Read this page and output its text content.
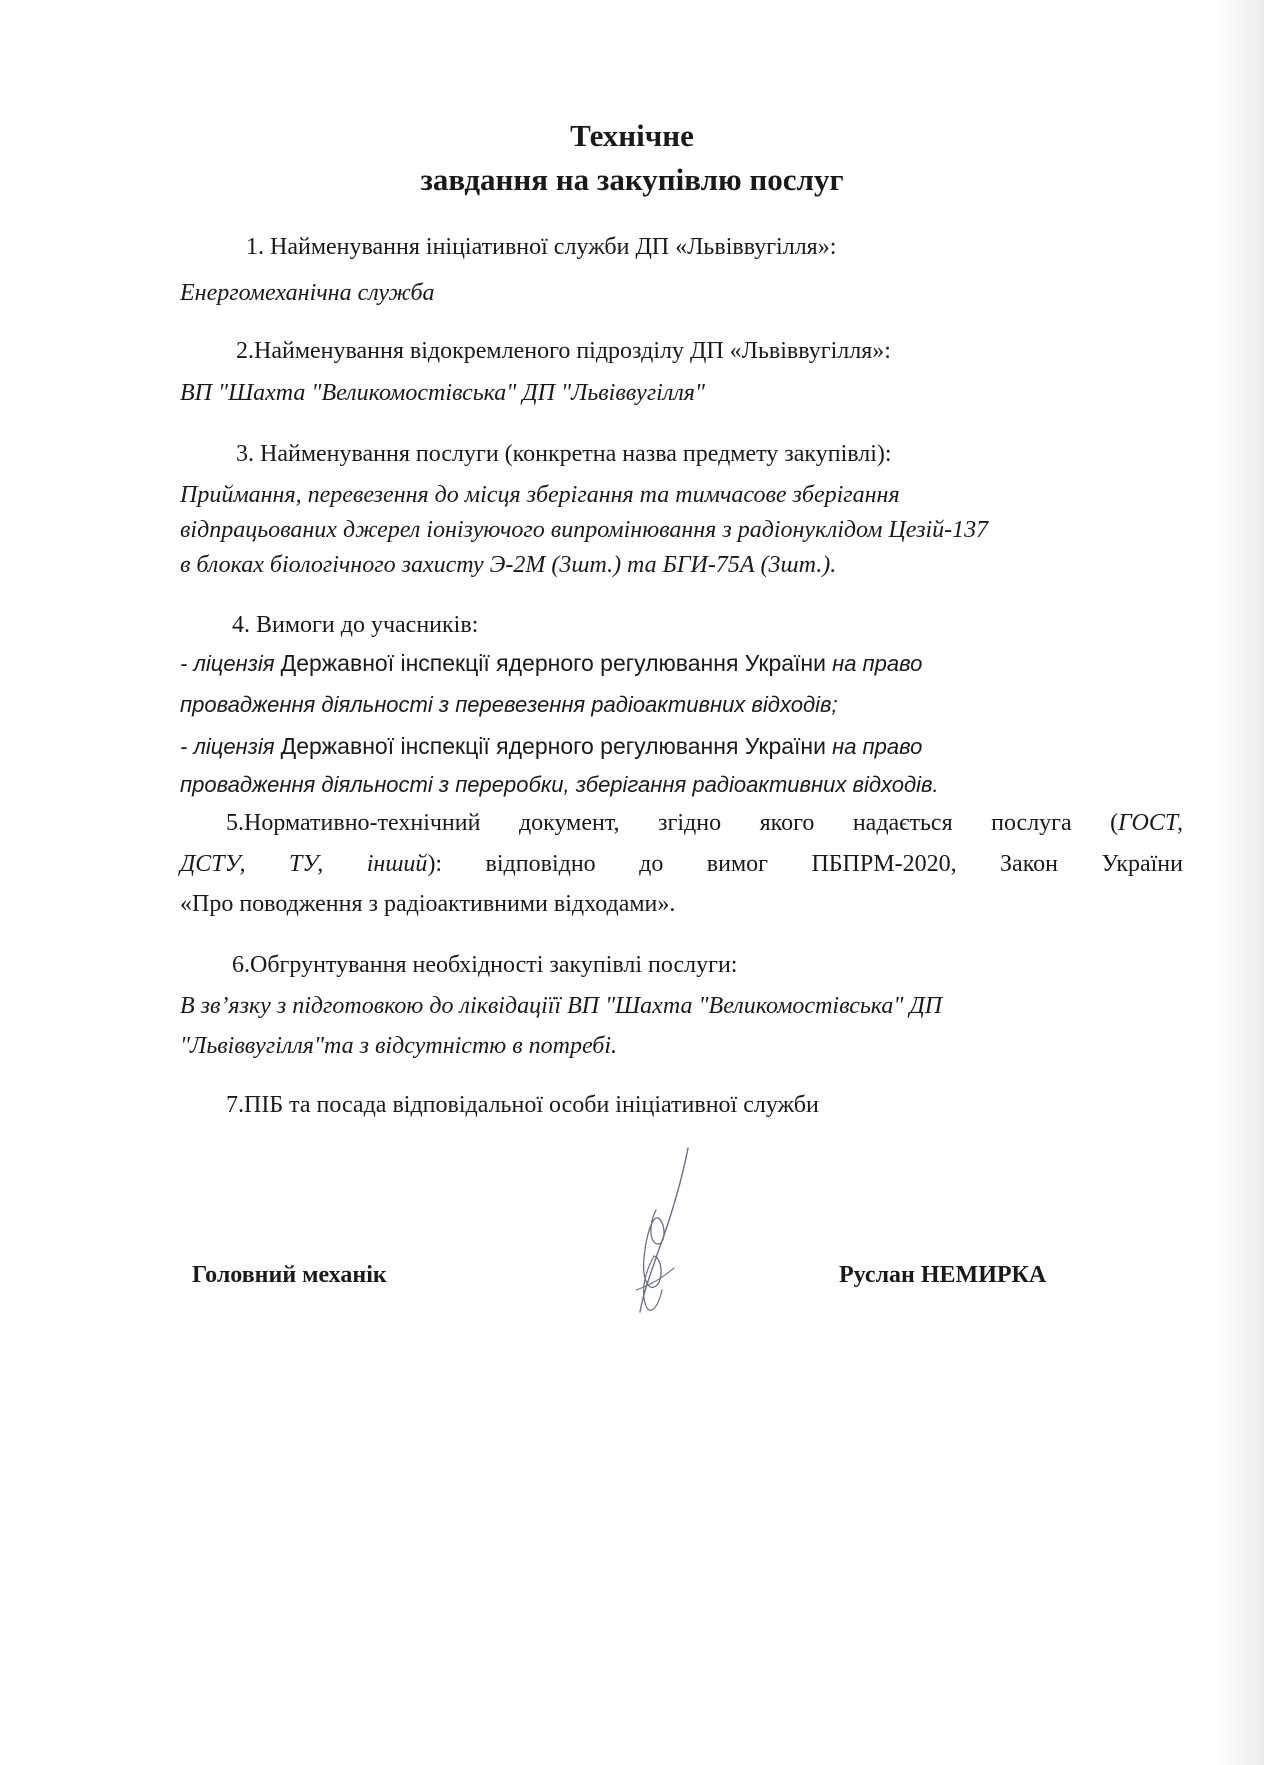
Технічне
завдання на закупівлю послуг
1. Найменування ініціативної служби ДП «Львіввугілля»:
Енергомеханічна служба
2.Найменування відокремленого підрозділу ДП «Львіввугілля»:
ВП "Шахта "Великомостівська" ДП "Львіввугілля"
3. Найменування послуги (конкретна назва предмету закупівлі):
Приймання, перевезення до місця зберігання та тимчасове зберігання
відпрацьованих джерел іонізуючого випромінювання з радіонуклідом Цезій-137
в блоках біологічного захисту Э-2М (3шт.) та БГИ-75А (3шт.).
4. Вимоги до учасників:
- ліцензія Державної інспекції ядерного регулювання України на право
провадження діяльності з перевезення радіоактивних відходів;
- ліцензія Державної інспекції ядерного регулювання України на право
провадження діяльності з переробки, зберігання радіоактивних відходів.
5.Нормативно-технічний документ, згідно якого надається послуга (ГОСТ,
ДСТУ, ТУ, інший): відповідно до вимог ПБПРМ-2020, Закон України
«Про поводження з радіоактивними відходами».
6.Обгрунтування необхідності закупівлі послуги:
В зв’язку з підготовкою до ліквідаціїї ВП "Шахта "Великомостівська" ДП
"Львіввугілля"та з відсутністю в потребі.
7.ПІБ та посада відповідальної особи ініціативної служби
Головний механік	Руслан НЕМИРКА
